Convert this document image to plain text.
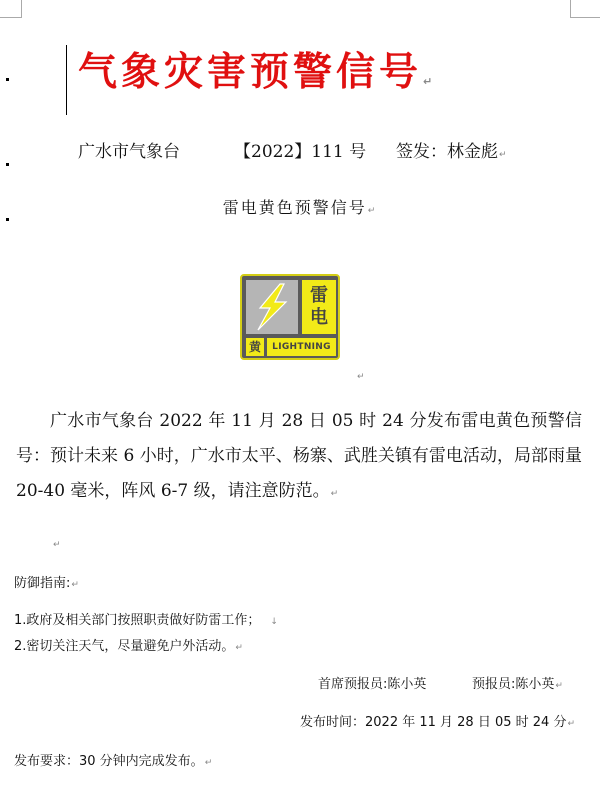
气象灾害预警信号↵
广水市气象台	【2022】111 号 签发：林金彪↵
雷电黄色预警信号↵
雷
电
黄	LIGHTNING
↵
广水市气象台 2022 年 11 月 28 日 05 时 24 分发布雷电黄色预警信号：预计未来 6 小时，广水市太平、杨寨、武胜关镇有雷电活动，局部雨量 20-40 毫米，阵风 6-7 级，请注意防范。↵
↵
防御指南:↵
1.政府及相关部门按照职责做好防雷工作； ↓
2.密切关注天气，尽量避免户外活动。↵
首席预报员:陈小英	预报员:陈小英↵
发布时间：2022 年 11 月 28 日 05 时 24 分↵
发布要求：30 分钟内完成发布。↵
